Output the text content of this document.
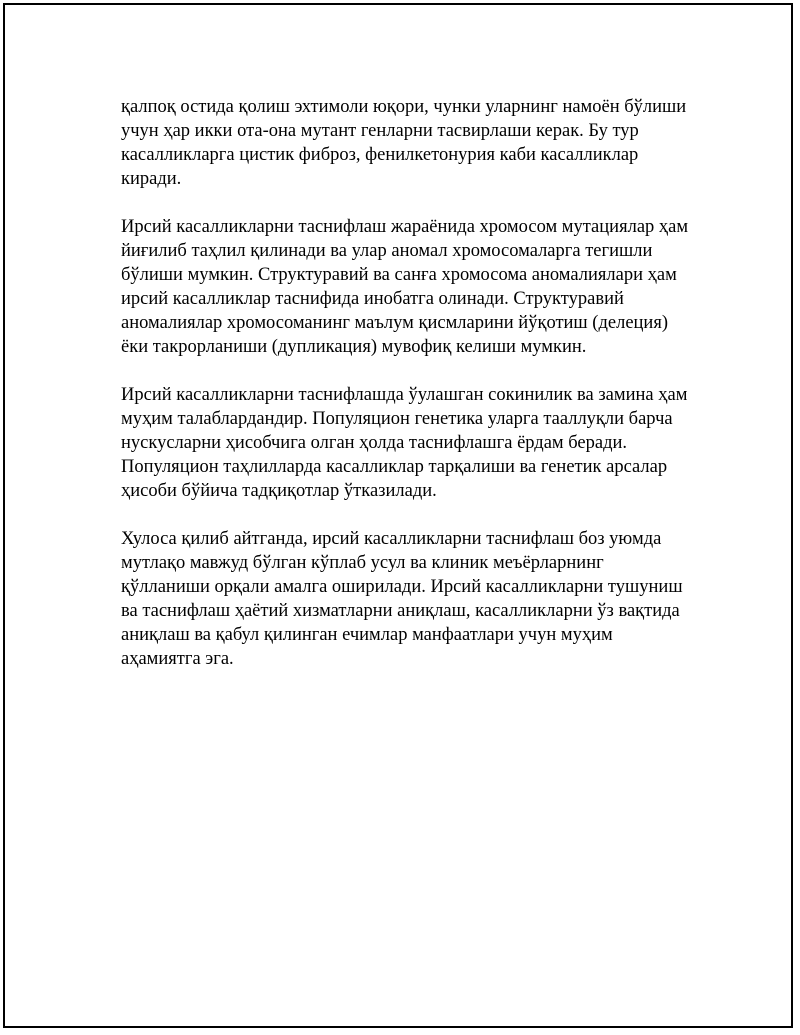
қалпоқ остида қолиш эхтимоли юқори, чунки уларнинг намоён бўлиши
учун ҳар икки ота-она мутант генларни тасвирлаши керак. Бу тур
касалликларга цистик фиброз, фенилкетонурия каби касалликлар
киради.

Ирсий касалликларни таснифлаш жараёнида хромосом мутациялар ҳам
йиғилиб таҳлил қилинади ва улар аномал хромосомаларга тегишли
бўлиши мумкин. Структуравий ва санға хромосома аномалиялари ҳам
ирсий касалликлар таснифида инобатга олинади. Структуравий
аномалиялар хромосоманинг маълум қисмларини йўқотиш (делеция)
ёки такрорланиши (дупликация) мувофиқ келиши мумкин.

Ирсий касалликларни таснифлашда ўулашган сокинилик ва замина ҳам
муҳим талаблардандир. Популяцион генетика уларга тааллуқли барча
нускусларни ҳисобчига олган ҳолда таснифлашга ёрдам беради.
Популяцион таҳлилларда касалликлар тарқалиши ва генетик арсалар
ҳисоби бўйича тадқиқотлар ўтказилади.

Хулоса қилиб айтганда, ирсий касалликларни таснифлаш боз уюмда
мутлақо мавжуд бўлган кўплаб усул ва клиник меъёрларнинг
қўлланиши орқали амалга оширилади. Ирсий касалликларни тушуниш
ва таснифлаш ҳаётий хизматларни аниқлаш, касалликларни ўз вақтида
аниқлаш ва қабул қилинган ечимлар манфаатлари учун муҳим
аҳамиятга эга.
